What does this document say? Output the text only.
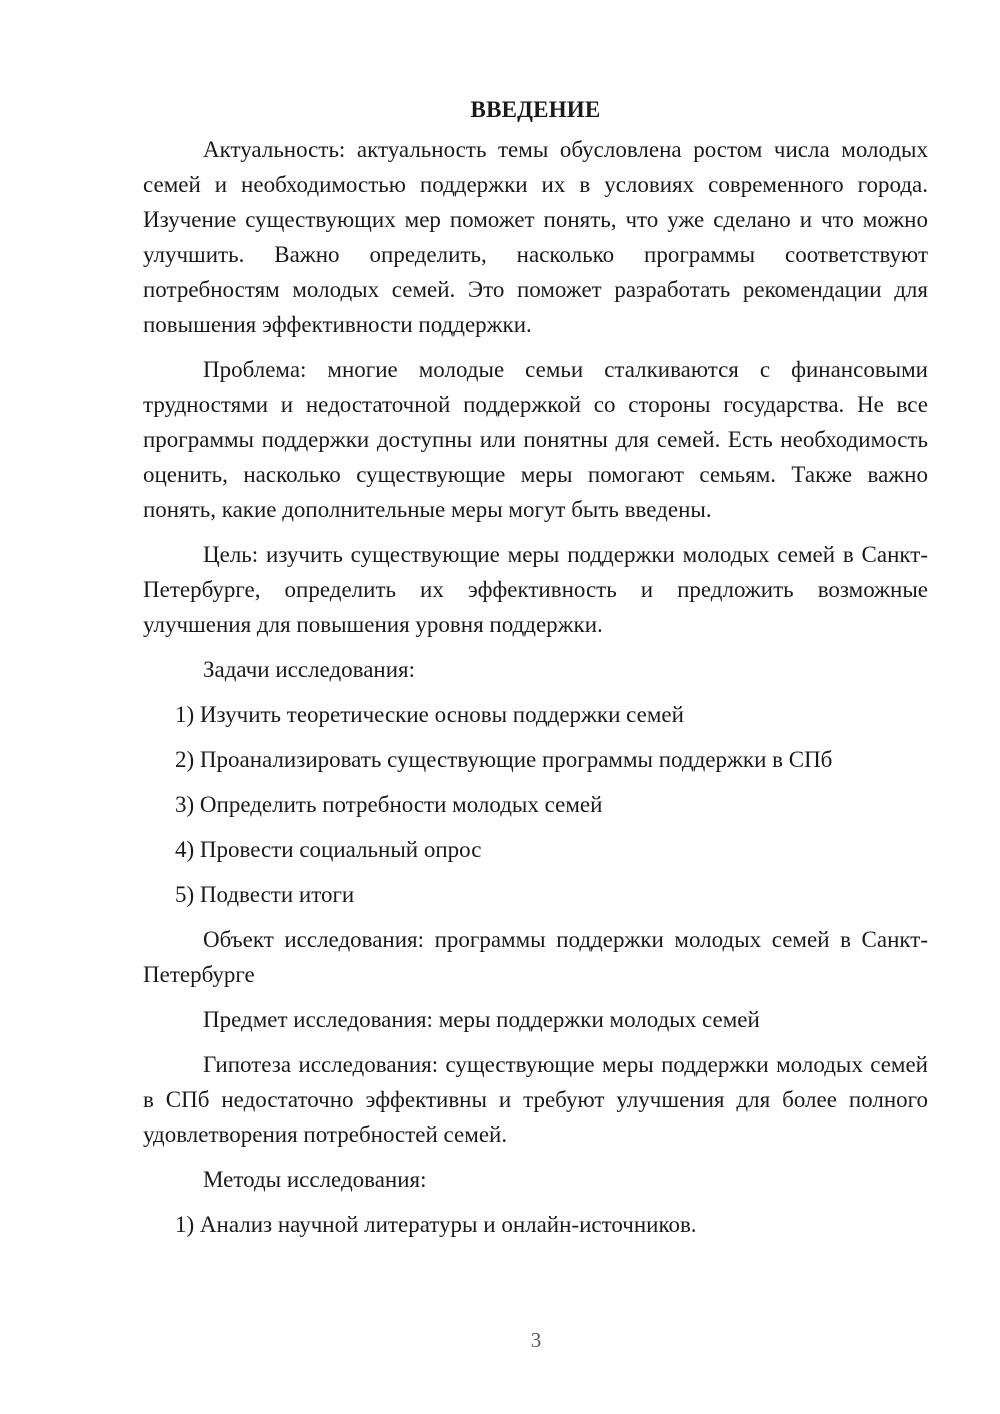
ВВЕДЕНИЕ
Актуальность: актуальность темы обусловлена ростом числа молодых семей и необходимостью поддержки их в условиях современного города. Изучение существующих мер поможет понять, что уже сделано и что можно улучшить. Важно определить, насколько программы соответствуют потребностям молодых семей. Это поможет разработать рекомендации для повышения эффективности поддержки.
Проблема: многие молодые семьи сталкиваются с финансовыми трудностями и недостаточной поддержкой со стороны государства. Не все программы поддержки доступны или понятны для семей. Есть необходимость оценить, насколько существующие меры помогают семьям. Также важно понять, какие дополнительные меры могут быть введены.
Цель: изучить существующие меры поддержки молодых семей в Санкт-Петербурге, определить их эффективность и предложить возможные улучшения для повышения уровня поддержки.
Задачи исследования:
1) Изучить теоретические основы поддержки семей
2) Проанализировать существующие программы поддержки в СПб
3) Определить потребности молодых семей
4) Провести социальный опрос
5) Подвести итоги
Объект исследования: программы поддержки молодых семей в Санкт-Петербурге
Предмет исследования: меры поддержки молодых семей
Гипотеза исследования: существующие меры поддержки молодых семей в СПб недостаточно эффективны и требуют улучшения для более полного удовлетворения потребностей семей.
Методы исследования:
1) Анализ научной литературы и онлайн-источников.
3
